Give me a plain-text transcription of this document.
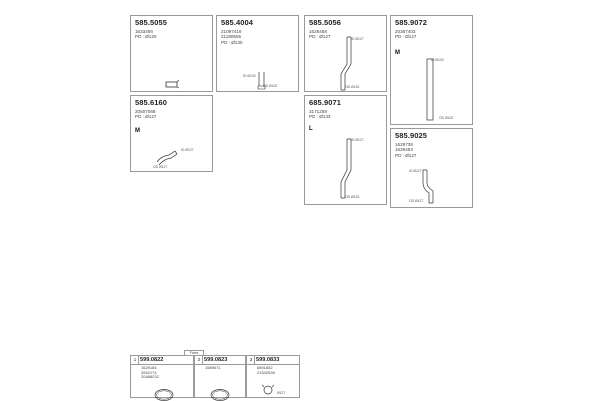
585.5055
1633456
PD : Ø120
585.4004
21097416
21180555
PD : Ø130
ID Ø130
OD Ø120
585.5056
1628458
PD : Ø127	ID Ø127
OD Ø133
585.9072
20367403
PD : Ø127
M
ID Ø130
OD Ø120
585.6160
20507068
PD : Ø127
M
ID Ø127
OD Ø127
685.9071
3171258
PD : Ø133
L
ID Ø127
OD Ø133
585.9025
1629738
1629453
PD : Ø127
ID Ø127
OD Ø127
Fixes
1 599.0822
1629184
3942174
20488232
2 599.0823
1589671
3 599.0833
6891852
21542536
Ø127
